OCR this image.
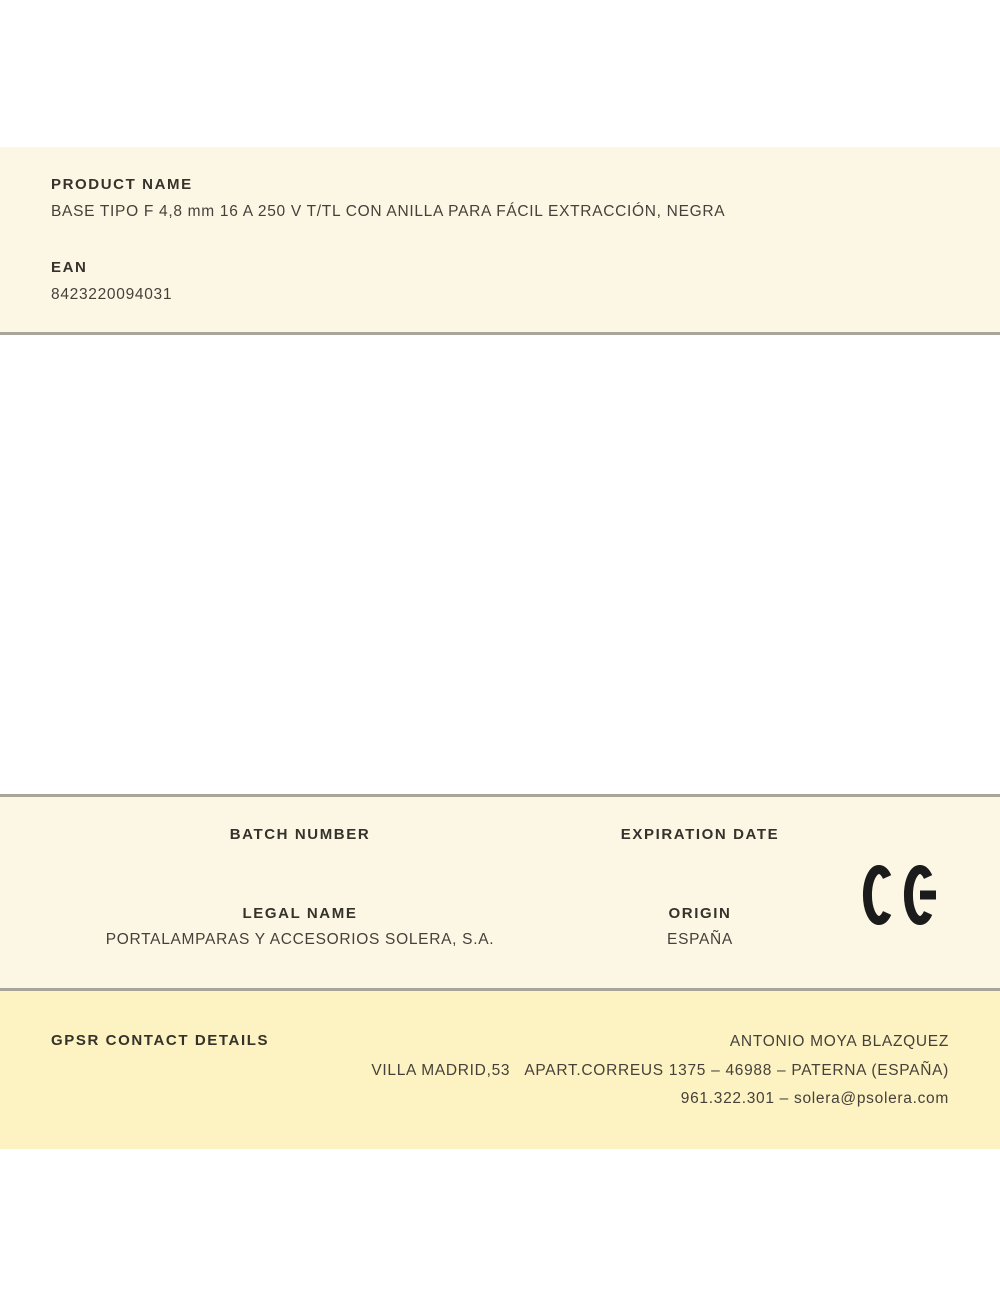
PRODUCT NAME
BASE TIPO F 4,8 mm 16 A 250 V T/TL CON ANILLA PARA FÁCIL EXTRACCIÓN, NEGRA
EAN
8423220094031
BATCH NUMBER
LEGAL NAME
PORTALAMPARAS Y ACCESORIOS SOLERA, S.A.
EXPIRATION DATE
ORIGIN
ESPAÑA
GPSR CONTACT DETAILS	ANTONIO MOYA BLAZQUEZ
VILLA MADRID,53   APART.CORREUS 1375 – 46988 – PATERNA (ESPAÑA)
961.322.301 – solera@psolera.com
